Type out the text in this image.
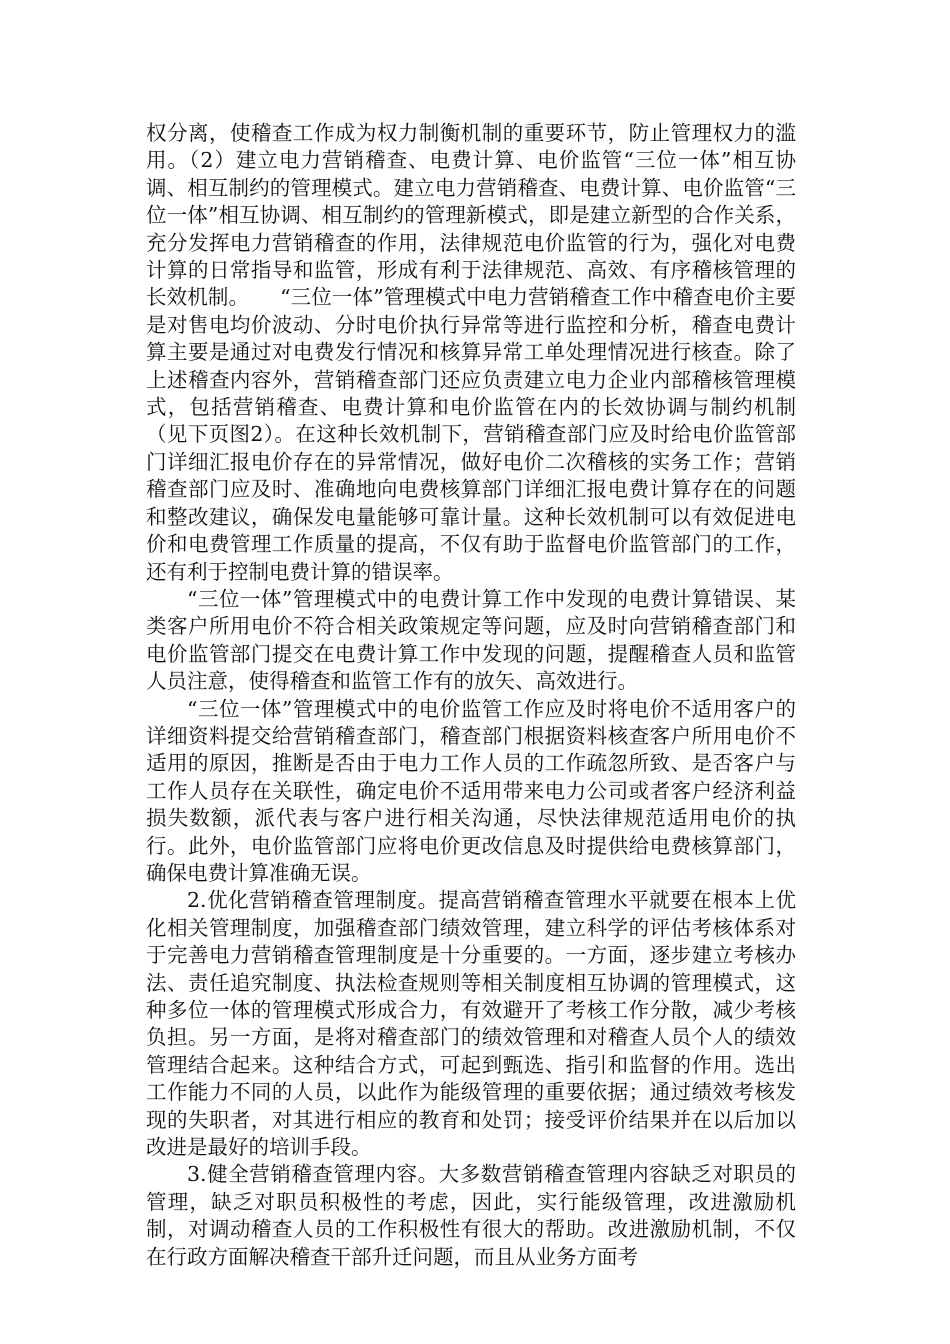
权分离，使稽查工作成为权力制衡机制的重要环节，防止管理权力的滥用。（2）建立电力营销稽查、电费计算、电价监管“三位一体”相互协调、相互制约的管理模式。建立电力营销稽查、电费计算、电价监管“三位一体”相互协调、相互制约的管理新模式，即是建立新型的合作关系，充分发挥电力营销稽查的作用，法律规范电价监管的行为，强化对电费计算的日常指导和监管，形成有利于法律规范、高效、有序稽核管理的长效机制。　　“三位一体”管理模式中电力营销稽查工作中稽查电价主要是对售电均价波动、分时电价执行异常等进行监控和分析，稽查电费计算主要是通过对电费发行情况和核算异常工单处理情况进行核查。除了上述稽查内容外，营销稽查部门还应负责建立电力企业内部稽核管理模式，包括营销稽查、电费计算和电价监管在内的长效协调与制约机制（见下页图2）。在这种长效机制下，营销稽查部门应及时给电价监管部门详细汇报电价存在的异常情况，做好电价二次稽核的实务工作；营销稽查部门应及时、准确地向电费核算部门详细汇报电费计算存在的问题和整改建议，确保发电量能够可靠计量。这种长效机制可以有效促进电价和电费管理工作质量的提高，不仅有助于监督电价监管部门的工作，还有利于控制电费计算的错误率。

“三位一体”管理模式中的电费计算工作中发现的电费计算错误、某类客户所用电价不符合相关政策规定等问题，应及时向营销稽查部门和电价监管部门提交在电费计算工作中发现的问题，提醒稽查人员和监管人员注意，使得稽查和监管工作有的放矢、高效进行。

“三位一体”管理模式中的电价监管工作应及时将电价不适用客户的详细资料提交给营销稽查部门，稽查部门根据资料核查客户所用电价不适用的原因，推断是否由于电力工作人员的工作疏忽所致、是否客户与工作人员存在关联性，确定电价不适用带来电力公司或者客户经济利益损失数额，派代表与客户进行相关沟通，尽快法律规范适用电价的执行。此外，电价监管部门应将电价更改信息及时提供给电费核算部门，确保电费计算准确无误。

2.优化营销稽查管理制度。提高营销稽查管理水平就要在根本上优化相关管理制度，加强稽查部门绩效管理，建立科学的评估考核体系对于完善电力营销稽查管理制度是十分重要的。一方面，逐步建立考核办法、责任追究制度、执法检查规则等相关制度相互协调的管理模式，这种多位一体的管理模式形成合力，有效避开了考核工作分散，减少考核负担。另一方面，是将对稽查部门的绩效管理和对稽查人员个人的绩效管理结合起来。这种结合方式，可起到甄选、指引和监督的作用。选出工作能力不同的人员，以此作为能级管理的重要依据；通过绩效考核发现的失职者，对其进行相应的教育和处罚；接受评价结果并在以后加以改进是最好的培训手段。

3.健全营销稽查管理内容。大多数营销稽查管理内容缺乏对职员的管理，缺乏对职员积极性的考虑，因此，实行能级管理，改进激励机制，对调动稽查人员的工作积极性有很大的帮助。改进激励机制，不仅在行政方面解决稽查干部升迁问题，而且从业务方面考
